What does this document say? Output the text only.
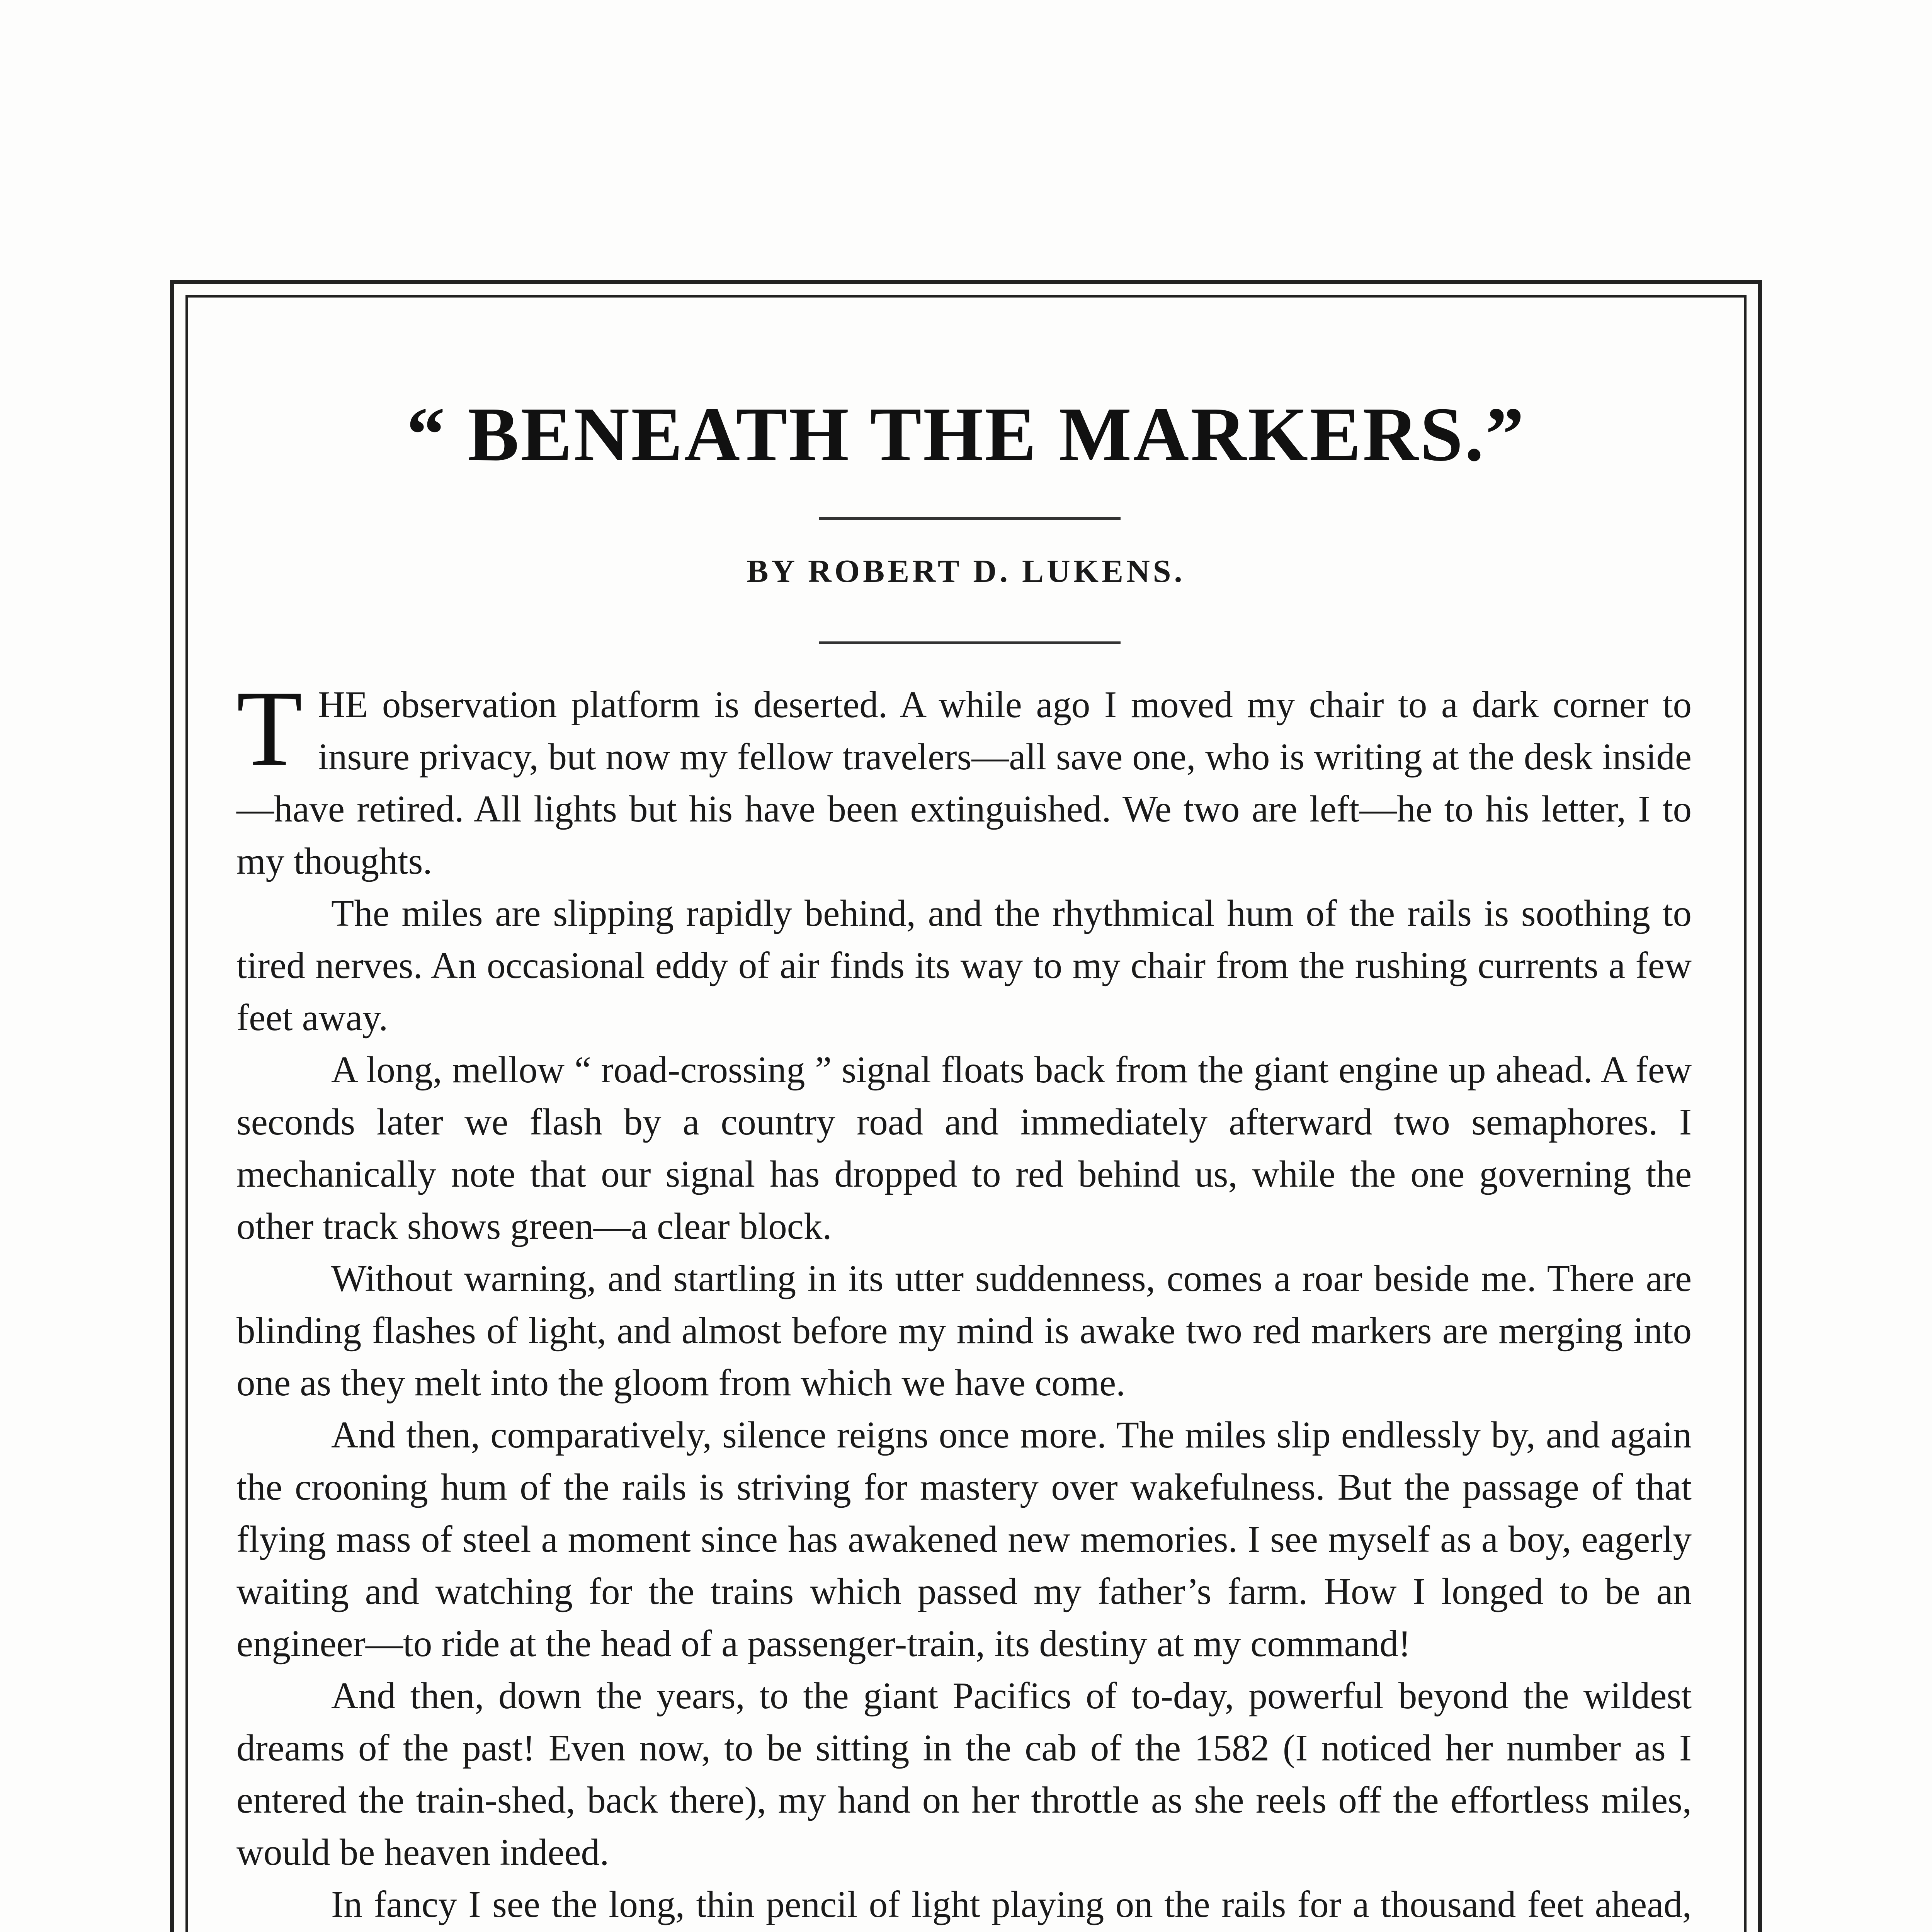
“ BENEATH THE MARKERS.”
BY ROBERT D. LUKENS.

THE observation platform is deserted. A while ago I moved my chair to a dark corner to insure privacy, but now my fellow travelers—all save one, who is writing at the desk inside—have retired. All lights but his have been extinguished. We two are left—he to his letter, I to my thoughts.

The miles are slipping rapidly behind, and the rhythmical hum of the rails is soothing to tired nerves. An occasional eddy of air finds its way to my chair from the rushing currents a few feet away.

A long, mellow “ road-crossing ” signal floats back from the giant engine up ahead. A few seconds later we flash by a country road and immediately afterward two semaphores. I mechanically note that our signal has dropped to red behind us, while the one governing the other track shows green—a clear block.

Without warning, and startling in its utter suddenness, comes a roar beside me. There are blinding flashes of light, and almost before my mind is awake two red markers are merging into one as they melt into the gloom from which we have come.

And then, comparatively, silence reigns once more. The miles slip endlessly by, and again the crooning hum of the rails is striving for mastery over wakefulness. But the passage of that flying mass of steel a moment since has awakened new memories. I see myself as a boy, eagerly waiting and watching for the trains which passed my father’s farm. How I longed to be an engineer—to ride at the head of a passenger-train, its destiny at my command!

And then, down the years, to the giant Pacifics of to-day, powerful beyond the wildest dreams of the past! Even now, to be sitting in the cab of the 1582 (I noticed her number as I entered the train-shed, back there), my hand on her throttle as she reels off the effortless miles, would be heaven indeed.

In fancy I see the long, thin pencil of light playing on the rails for a thousand feet ahead,
